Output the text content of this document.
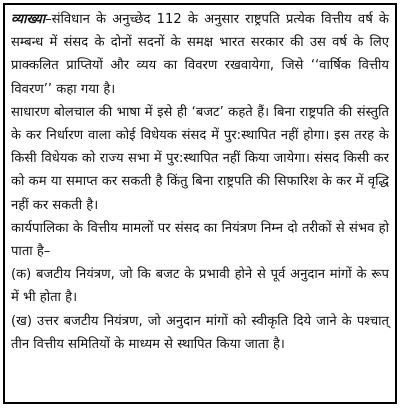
व्याख्या–संविधान के अनुच्छेद 112 के अनुसार राष्ट्रपति प्रत्येक वित्तीय वर्ष के सम्बन्ध में संसद के दोनों सदनों के समक्ष भारत सरकार की उस वर्ष के लिए प्राक्कलित प्राप्तियों और व्यय का विवरण रखवायेगा, जिसे ‘‘वार्षिक वित्तीय विवरण’’ कहा गया है।

साधारण बोलचाल की भाषा में इसे ही ‘बजट’ कहते हैं। बिना राष्ट्रपति की संस्तुति के कर निर्धारण वाला कोई विधेयक संसद में पुर:स्थापित नहीं होगा। इस तरह के किसी विधेयक को राज्य सभा में पुर:स्थापित नहीं किया जायेगा। संसद किसी कर को कम या समाप्त कर सकती है किंतु बिना राष्ट्रपति की सिफारिश के कर में वृद्धि नहीं कर सकती है।

कार्यपालिका के वित्तीय मामलों पर संसद का नियंत्रण निम्न दो तरीकों से संभव हो पाता है–

(क) बजटीय नियंत्रण, जो कि बजट के प्रभावी होने से पूर्व अनुदान मांगों के रूप में भी होता है।

(ख) उत्तर बजटीय नियंत्रण, जो अनुदान मांगों को स्वीकृति दिये जाने के पश्चात् तीन वित्तीय समितियों के माध्यम से स्थापित किया जाता है।
